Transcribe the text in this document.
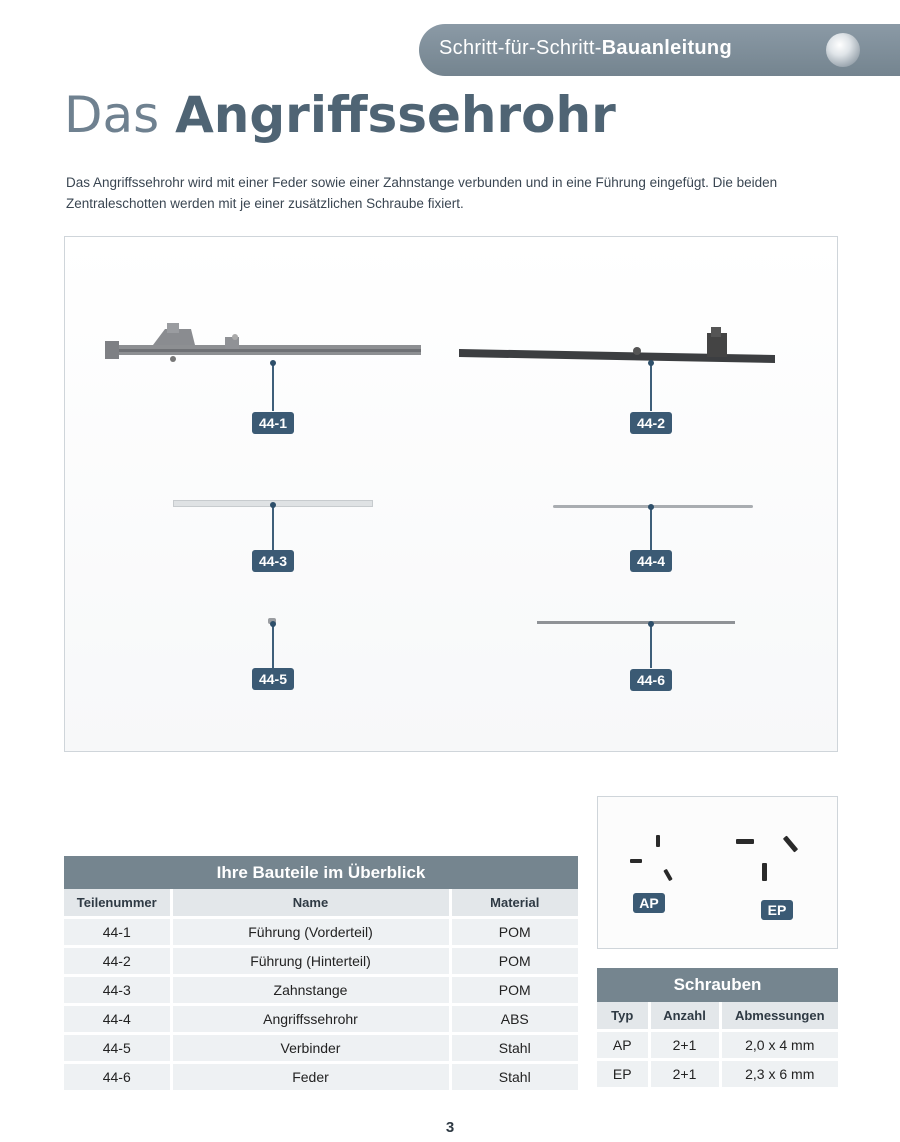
Schritt-für-Schritt-Bauanleitung
Das Angriffssehrohr
Das Angriffssehrohr wird mit einer Feder sowie einer Zahnstange verbunden und in eine Führung eingefügt. Die beiden Zentraleschotten werden mit je einer zusätzlichen Schraube fixiert.
44-1	44-2
44-3	44-4
44-5	44-6
Ihre Bauteile im Überblick		
Teilenummer	Name	Material
44-1	Führung (Vorderteil)	POM
44-2	Führung (Hinterteil)	POM
44-3	Zahnstange	POM
44-4	Angriffssehrohr	ABS
44-5	Verbinder	Stahl
44-6	Feder	Stahl
AP	EP
Schrauben		
Typ	Anzahl	Abmessungen
AP	2+1	2,0 x 4 mm
EP	2+1	2,3 x 6 mm
3
